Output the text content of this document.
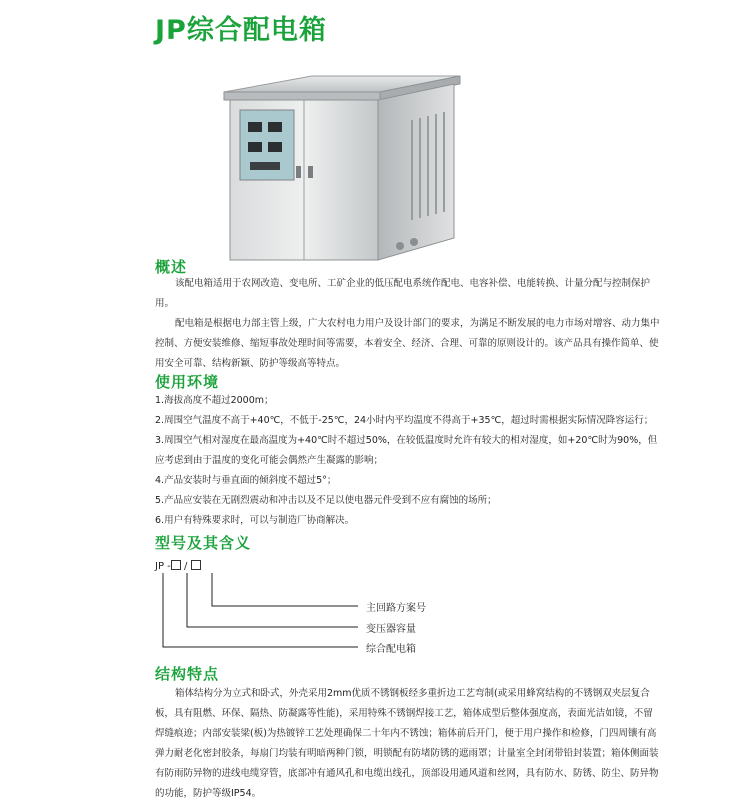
JP综合配电箱
概述

该配电箱适用于农网改造、变电所、工矿企业的低压配电系统作配电、电容补偿、电能转换、计量分配与控制保护用。

配电箱是根据电力部主管上级，广大农村电力用户及设计部门的要求，为满足不断发展的电力市场对增容、动力集中控制、方便安装维修、缩短事故处理时间等需要，本着安全、经济、合理、可靠的原则设计的。该产品具有操作简单、使用安全可靠、结构新颖、防护等级高等特点。

使用环境

1.海拔高度不超过2000m；

2.周围空气温度不高于+40℃，不低于-25℃，24小时内平均温度不得高于+35℃，超过时需根据实际情况降容运行；

3.周围空气相对湿度在最高温度为+40℃时不超过50%，在较低温度时允许有较大的相对湿度，如+20℃时为90%，但应考虑到由于温度的变化可能会偶然产生凝露的影响；

4.产品安装时与垂直面的倾斜度不超过5°；

5.产品应安装在无剧烈震动和冲击以及不足以使电器元件受到不应有腐蚀的场所；

6.用户有特殊要求时，可以与制造厂协商解决。

型号及其含义
JP - /
主回路方案号
变压器容量
综合配电箱
结构特点

箱体结构分为立式和卧式，外壳采用2mm优质不锈钢板经多重折边工艺弯制(或采用蜂窝结构的不锈钢双夹层复合板，具有阻燃、环保、隔热、防凝露等性能)，采用特殊不锈钢焊接工艺，箱体成型后整体强度高，表面光洁如镜，不留焊缝痕迹；内部安装梁(板)为热镀锌工艺处理确保二十年内不锈蚀；箱体前后开门，便于用户操作和检修，门四周镶有高弹力耐老化密封胶条，每扇门均装有明暗两种门锁，明锁配有防堵防锈的遮雨罩；计量室全封闭带铅封装置；箱体侧面装有防雨防异物的进线电缆穿管，底部冲有通风孔和电缆出线孔，顶部设用通风道和丝网，具有防水、防锈、防尘、防异物的功能，防护等级IP54。
